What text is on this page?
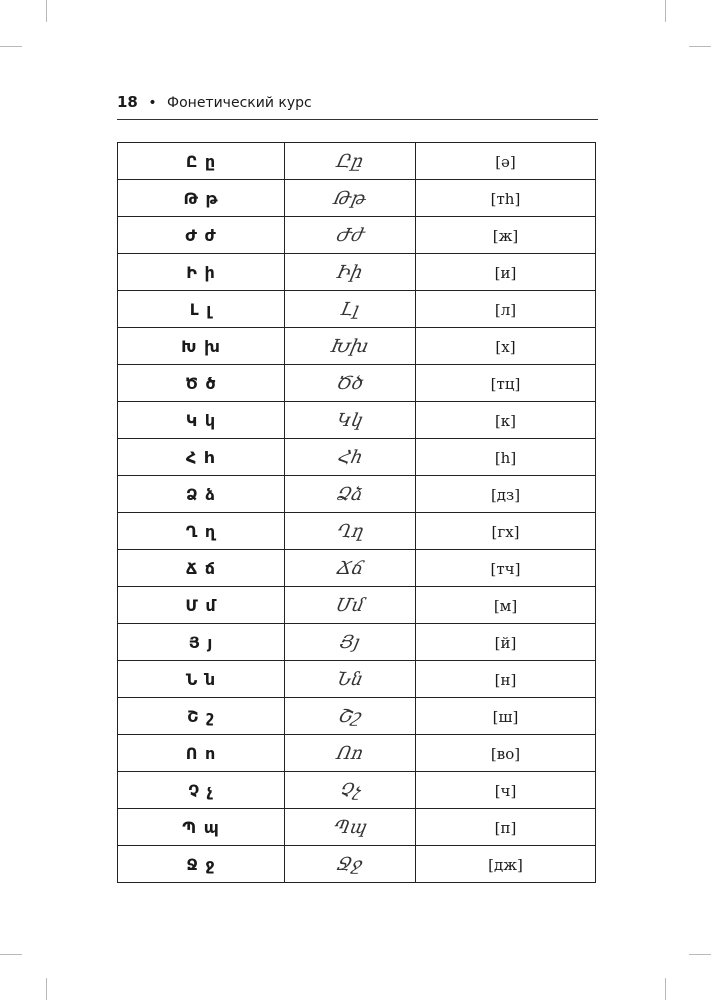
18 • Фонетический курс
Ը ը	Ըը	[ə]
Թ թ	Թթ	[тh]
Ժ ժ	Ժժ	[ж]
Ի ի	Իի	[и]
Լ լ	Լլ	[л]
Խ խ	Խխ	[х]
Ծ ծ	Ծծ	[тц]
Կ կ	Կկ	[к]
Հ h	Հh	[h]
Ձ ձ	Ձձ	[дз]
Ղ ղ	Ղղ	[гх]
Ճ ճ	Ճճ	[тч]
Մ մ	Մմ	[м]
Յ յ	Յյ	[й]
Ն ն	Նն	[н]
Շ շ	Շշ	[ш]
Ո ո	Ոո	[во]
Չ չ	Չչ	[ч]
Պ պ	Պպ	[п]
Ջ ջ	Ջջ	[дж]
